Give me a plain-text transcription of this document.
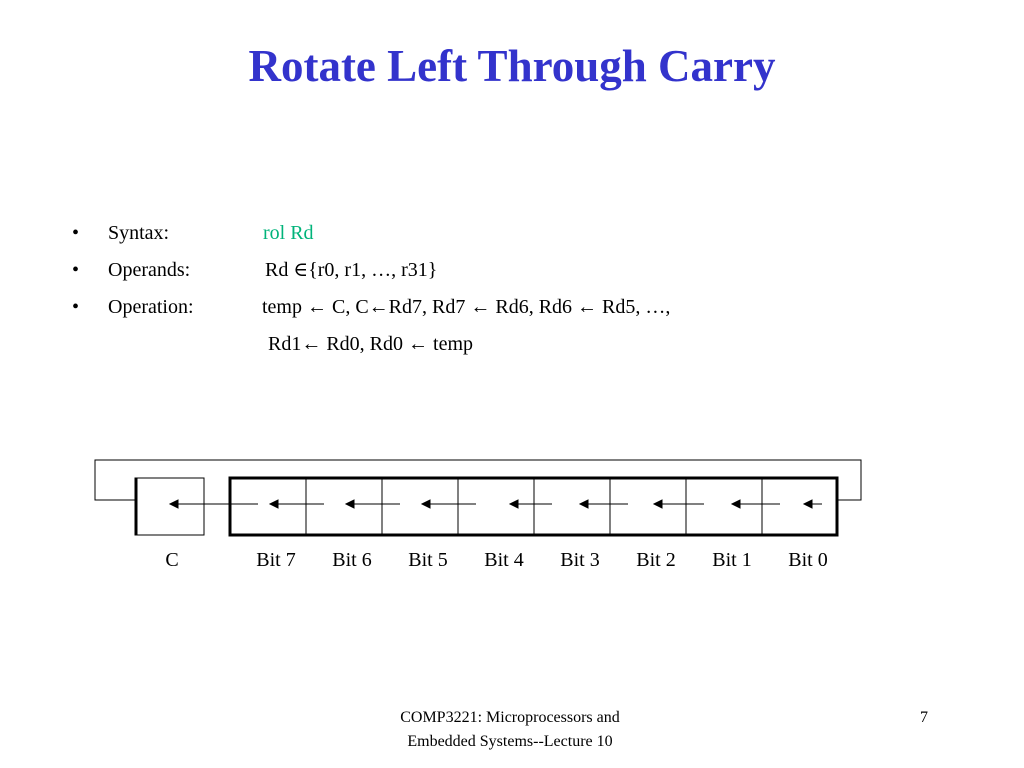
Rotate Left Through Carry
• Syntax:	rol Rd
• Operands:	Rd ∈{r0, r1, …, r31}
• Operation:	temp ← C, C←Rd7, Rd7 ← Rd6, Rd6 ← Rd5, …,
Rd1← Rd0, Rd0 ← temp
C	Bit 7	Bit 6	Bit 5	Bit 4	Bit 3	Bit 2	Bit 1	Bit 0
COMP3221: Microprocessors and
Embedded Systems--Lecture 10
7
